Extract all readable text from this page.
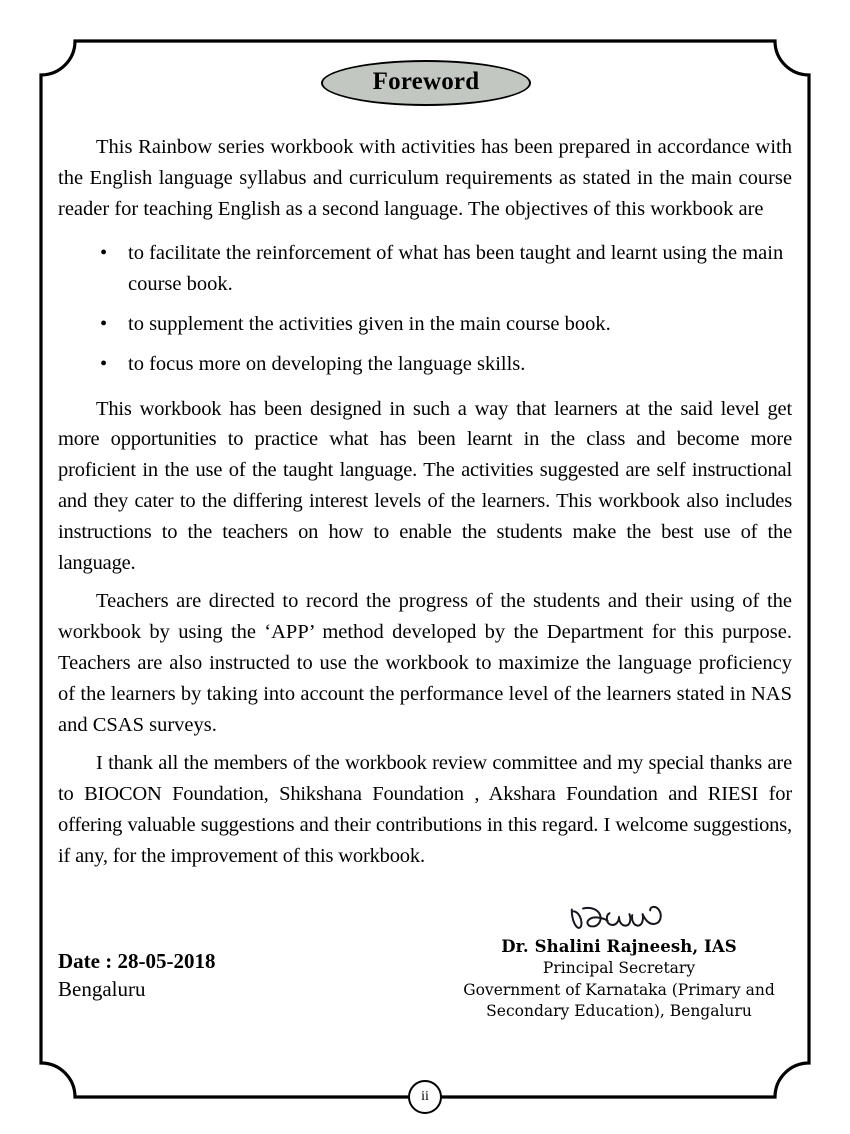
Foreword

This Rainbow series workbook with activities has been prepared in accordance with the English language syllabus and curriculum requirements as stated in the main course reader for teaching English as a second language. The objectives of this workbook are

• to facilitate the reinforcement of what has been taught and learnt using the main course book.
• to supplement the activities given in the main course book.
• to focus more on developing the language skills.

This workbook has been designed in such a way that learners at the said level get more opportunities to practice what has been learnt in the class and become more proficient in the use of the taught language. The activities suggested are self instructional and they cater to the differing interest levels of the learners. This workbook also includes instructions to the teachers on how to enable the students make the best use of the language.

Teachers are directed to record the progress of the students and their using of the workbook by using the ‘APP’ method developed by the Department for this purpose. Teachers are also instructed to use the workbook to maximize the language proficiency of the learners by taking into account the performance level of the learners stated in NAS and CSAS surveys.

I thank all the members of the workbook review committee and my special thanks are to BIOCON Foundation, Shikshana Foundation , Akshara Foundation and RIESI for offering valuable suggestions and their contributions in this regard. I welcome suggestions, if any, for the improvement of this workbook.

Date : 28-05-2018
Bengaluru
Dr. Shalini Rajneesh, IAS
Principal Secretary
Government of Karnataka (Primary and
Secondary Education), Bengaluru
ii
